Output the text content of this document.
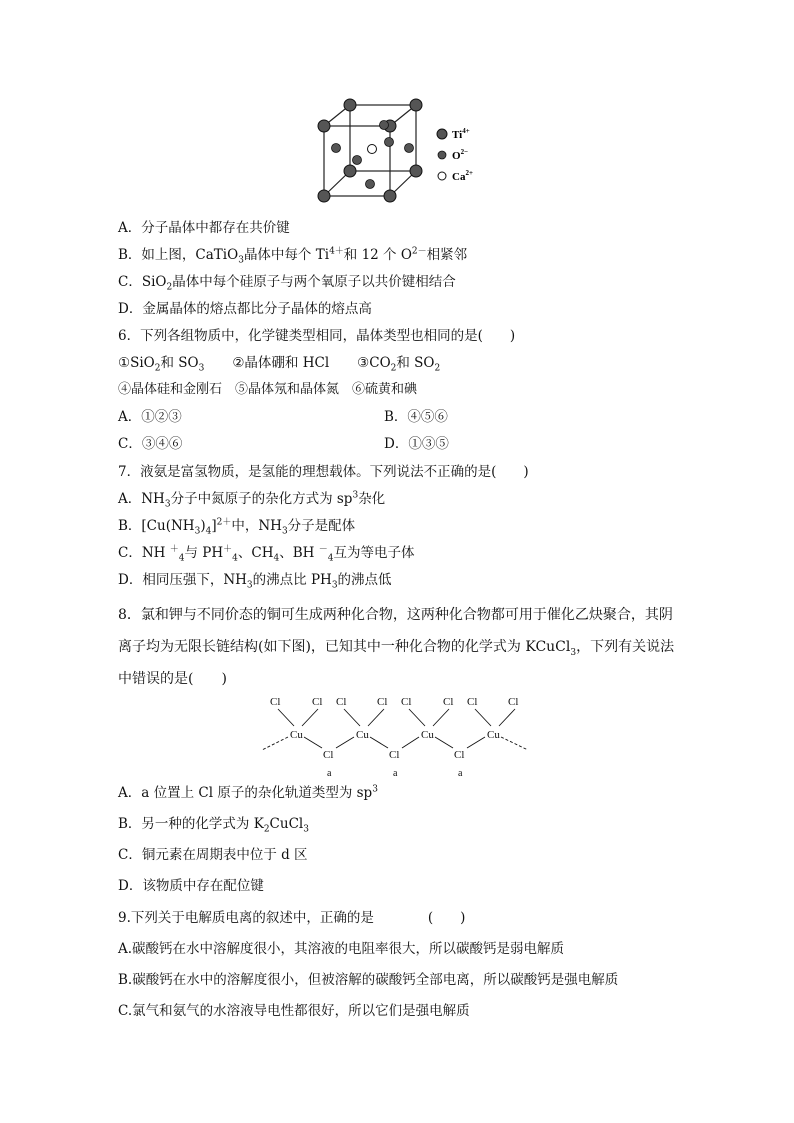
$Ti^{4+}$
$O^{2-}$
$Ca^{2+}$
A．分子晶体中都存在共价键
B．如上图，CaTiO$_3$晶体中每个 $Ti^{4+}$和 12 个 $O^{2-}$相紧邻
C．SiO$_2$晶体中每个硅原子与两个氧原子以共价键相结合
D．金属晶体的熔点都比分子晶体的熔点高
6．下列各组物质中，化学键类型相同，晶体类型也相同的是(　　)
①SiO$_2$和 $SO_3$ ②晶体硼和 HCl $③CO_2$和 $SO_2$
④晶体硅和金刚石　⑤晶体氖和晶体氮　⑥硫黄和碘
A．①②③	B．④⑤⑥
C．③④⑥	D．①③⑤
7．液氨是富氢物质，是氢能的理想载体。下列说法不正确的是(　　)
A．$NH_3$分子中氮原子的杂化方式为 $sp^3$杂化
B．$[Cu(NH_3)_4]^{2+}$中，$NH_3$分子是配体
C．NH ＋$_4$与 $PH^+_4$、$CH_4$、BH －$_4$互为等电子体
D．相同压强下，$NH_3$的沸点比 $PH_3$的沸点低
8．氯和钾与不同价态的铜可生成两种化合物，这两种化合物都可用于催化乙炔聚合，其阴
离子均为无限长链结构(如下图)，已知其中一种化合物的化学式为 KCuCl$_3$，下列有关说法
中错误的是(　　)
Cl	Cl Cl	Cl Cl	Cl Cl	Cl
Cu	Cu	Cu	Cu
Cl	Cl	Cl
a	a	a
A．a 位置上 Cl 原子的杂化轨道类型为 $sp^3$
B．另一种的化学式为 $K_2CuCl_3$
C．铜元素在周期表中位于 d 区
D．该物质中存在配位键
9.下列关于电解质电离的叙述中，正确的是　　　　(　　)
A.碳酸钙在水中溶解度很小，其溶液的电阻率很大，所以碳酸钙是弱电解质
B.碳酸钙在水中的溶解度很小，但被溶解的碳酸钙全部电离，所以碳酸钙是强电解质
C.氯气和氨气的水溶液导电性都很好，所以它们是强电解质
